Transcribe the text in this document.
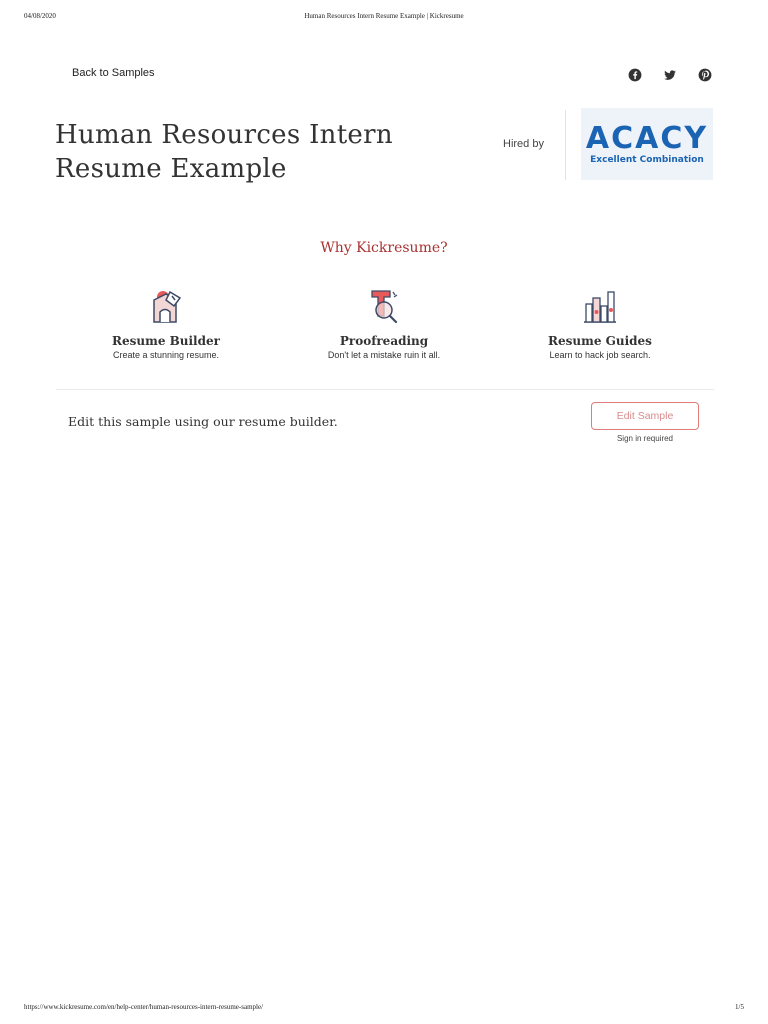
04/08/2020	Human Resources Intern Resume Example | Kickresume
Back to Samples
Human Resources Intern
Resume Example
Hired by ACACY
Excellent Combination
Why Kickresume?
Resume Builder
Create a stunning resume.
Proofreading
Don't let a mistake ruin it all.
Resume Guides
Learn to hack job search.
Edit this sample using our resume builder.	Edit Sample
Sign in required
https://www.kickresume.com/en/help-center/human-resources-intern-resume-sample/	1/5
